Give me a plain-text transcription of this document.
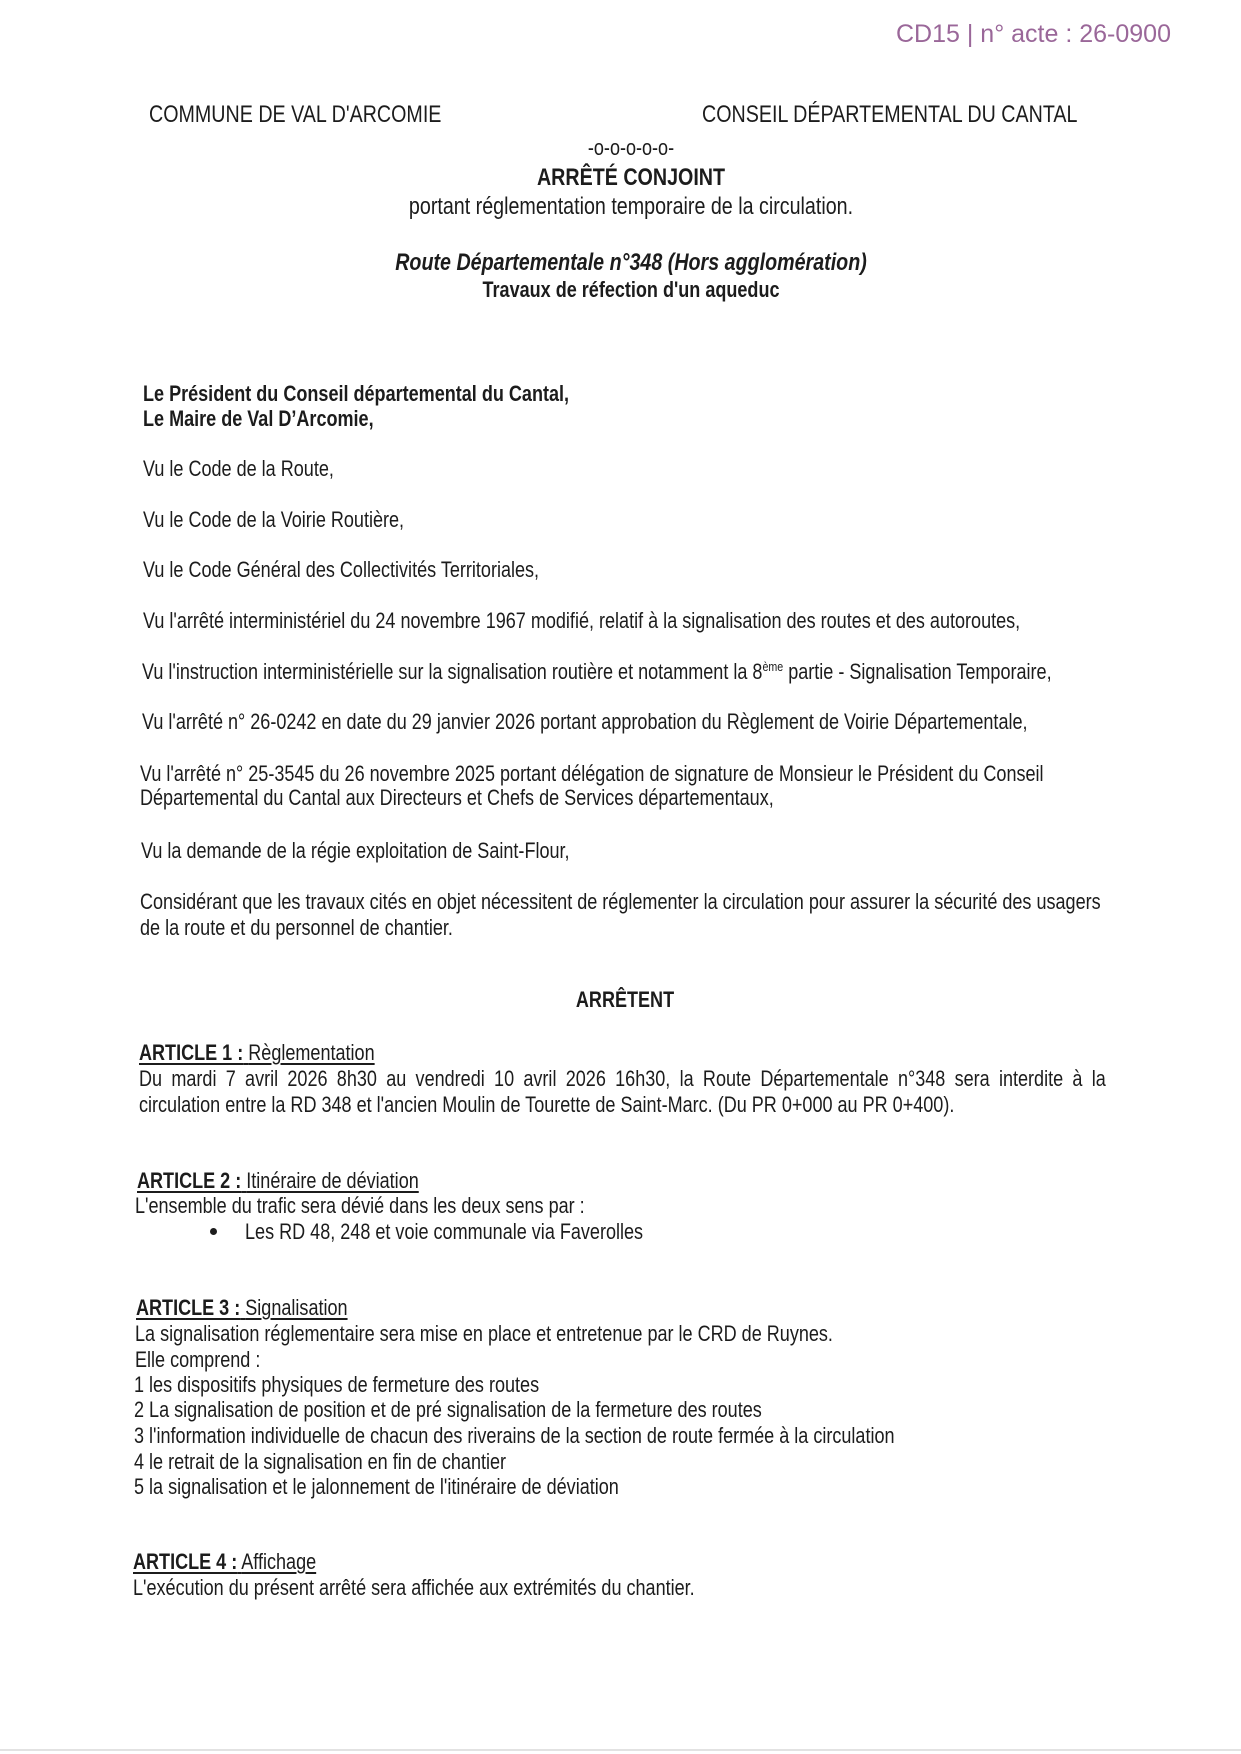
CD15 | n° acte : 26-0900
COMMUNE DE VAL D'ARCOMIE	CONSEIL DÉPARTEMENTAL DU CANTAL
-o-o-o-o-o-
ARRÊTÉ CONJOINT
portant réglementation temporaire de la circulation.
Route Départementale n°348 (Hors agglomération)
Travaux de réfection d'un aqueduc
Le Président du Conseil départemental du Cantal,
Le Maire de Val D’Arcomie,
Vu le Code de la Route,
Vu le Code de la Voirie Routière,
Vu le Code Général des Collectivités Territoriales,
Vu l'arrêté interministériel du 24 novembre 1967 modifié, relatif à la signalisation des routes et des autoroutes,
Vu l'instruction interministérielle sur la signalisation routière et notamment la 8ème partie - Signalisation Temporaire,
Vu l'arrêté n° 26-0242 en date du 29 janvier 2026 portant approbation du Règlement de Voirie Départementale,
Vu l'arrêté n° 25-3545 du 26 novembre 2025 portant délégation de signature de Monsieur le Président du Conseil
Départemental du Cantal aux Directeurs et Chefs de Services départementaux,
Vu la demande de la régie exploitation de Saint-Flour,
Considérant que les travaux cités en objet nécessitent de réglementer la circulation pour assurer la sécurité des usagers
de la route et du personnel de chantier.
ARRÊTENT
ARTICLE 1 : Règlementation
Du mardi 7 avril 2026 8h30 au vendredi 10 avril 2026 16h30, la Route Départementale n°348 sera interdite à la
circulation entre la RD 348 et l'ancien Moulin de Tourette de Saint-Marc. (Du PR 0+000 au PR 0+400).
ARTICLE 2 : Itinéraire de déviation
L'ensemble du trafic sera dévié dans les deux sens par :
Les RD 48, 248 et voie communale via Faverolles
ARTICLE 3 : Signalisation
La signalisation réglementaire sera mise en place et entretenue par le CRD de Ruynes.
Elle comprend :
1 les dispositifs physiques de fermeture des routes
2 La signalisation de position et de pré signalisation de la fermeture des routes
3 l'information individuelle de chacun des riverains de la section de route fermée à la circulation
4 le retrait de la signalisation en fin de chantier
5 la signalisation et le jalonnement de l'itinéraire de déviation
ARTICLE 4 : Affichage
L'exécution du présent arrêté sera affichée aux extrémités du chantier.
